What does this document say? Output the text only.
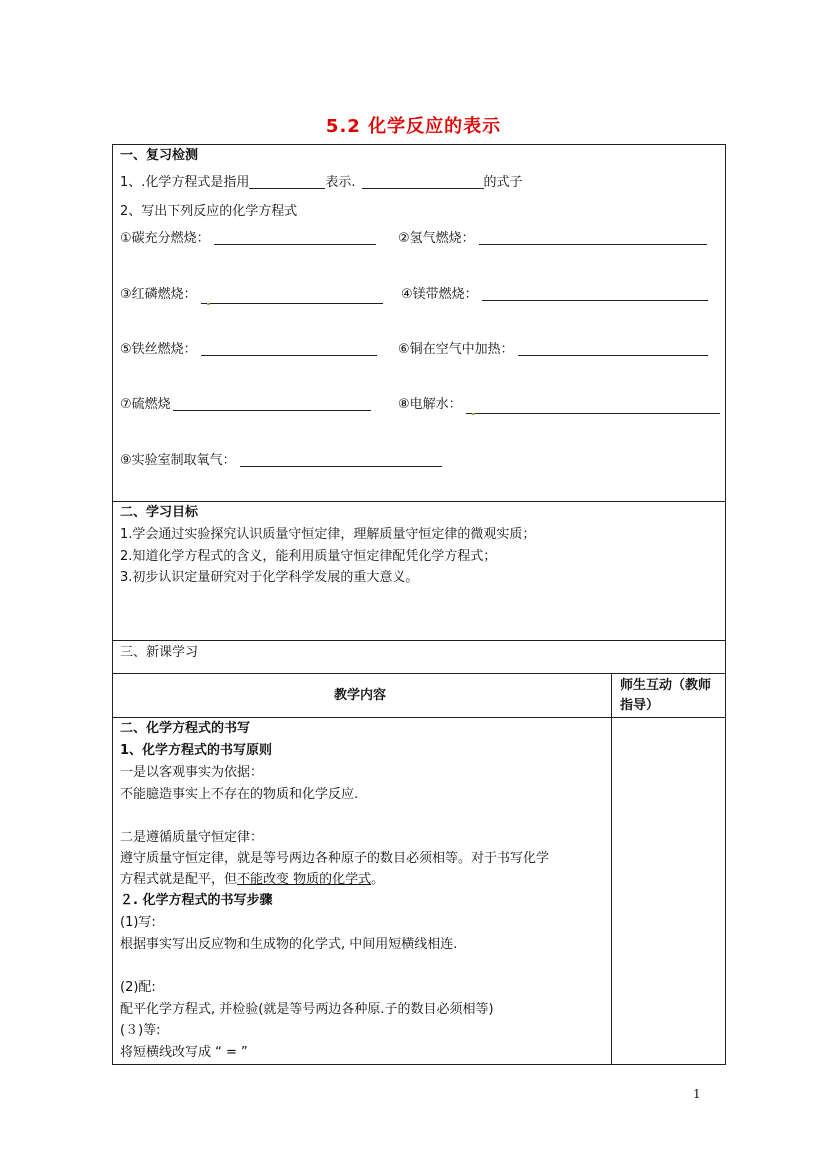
5.2 化学反应的表示
一、复习检测
1、.化学方程式是指用	表示.	的式子
2、写出下列反应的化学方程式
①碳充分燃烧：	②氢气燃烧：
③红磷燃烧：	④镁带燃烧：
⑤铁丝燃烧：	⑥铜在空气中加热：
⑦硫燃烧	⑧电解水：
⑨实验室制取氧气：
二、学习目标
1.学会通过实验探究认识质量守恒定律，理解质量守恒定律的微观实质；
2.知道化学方程式的含义，能利用质量守恒定律配凭化学方程式；
3.初步认识定量研究对于化学科学发展的重大意义。
三、新课学习
教学内容
师生互动（教师
指导）
二、化学方程式的书写
1、化学方程式的书写原则
一是以客观事实为依据：
不能臆造事实上不存在的物质和化学反应.
二是遵循质量守恒定律：
遵守质量守恒定律，就是等号两边各种原子的数目必须相等。对于书写化学
方程式就是配平，但不能改变 物质的化学式。
２. 化学方程式的书写步骤
(1)写:
根据事实写出反应物和生成物的化学式, 中间用短横线相连.
(2)配:
配平化学方程式, 并检验(就是等号两边各种原.子的数目必须相等)
(３)等:
将短横线改写成 “ = ”
1
